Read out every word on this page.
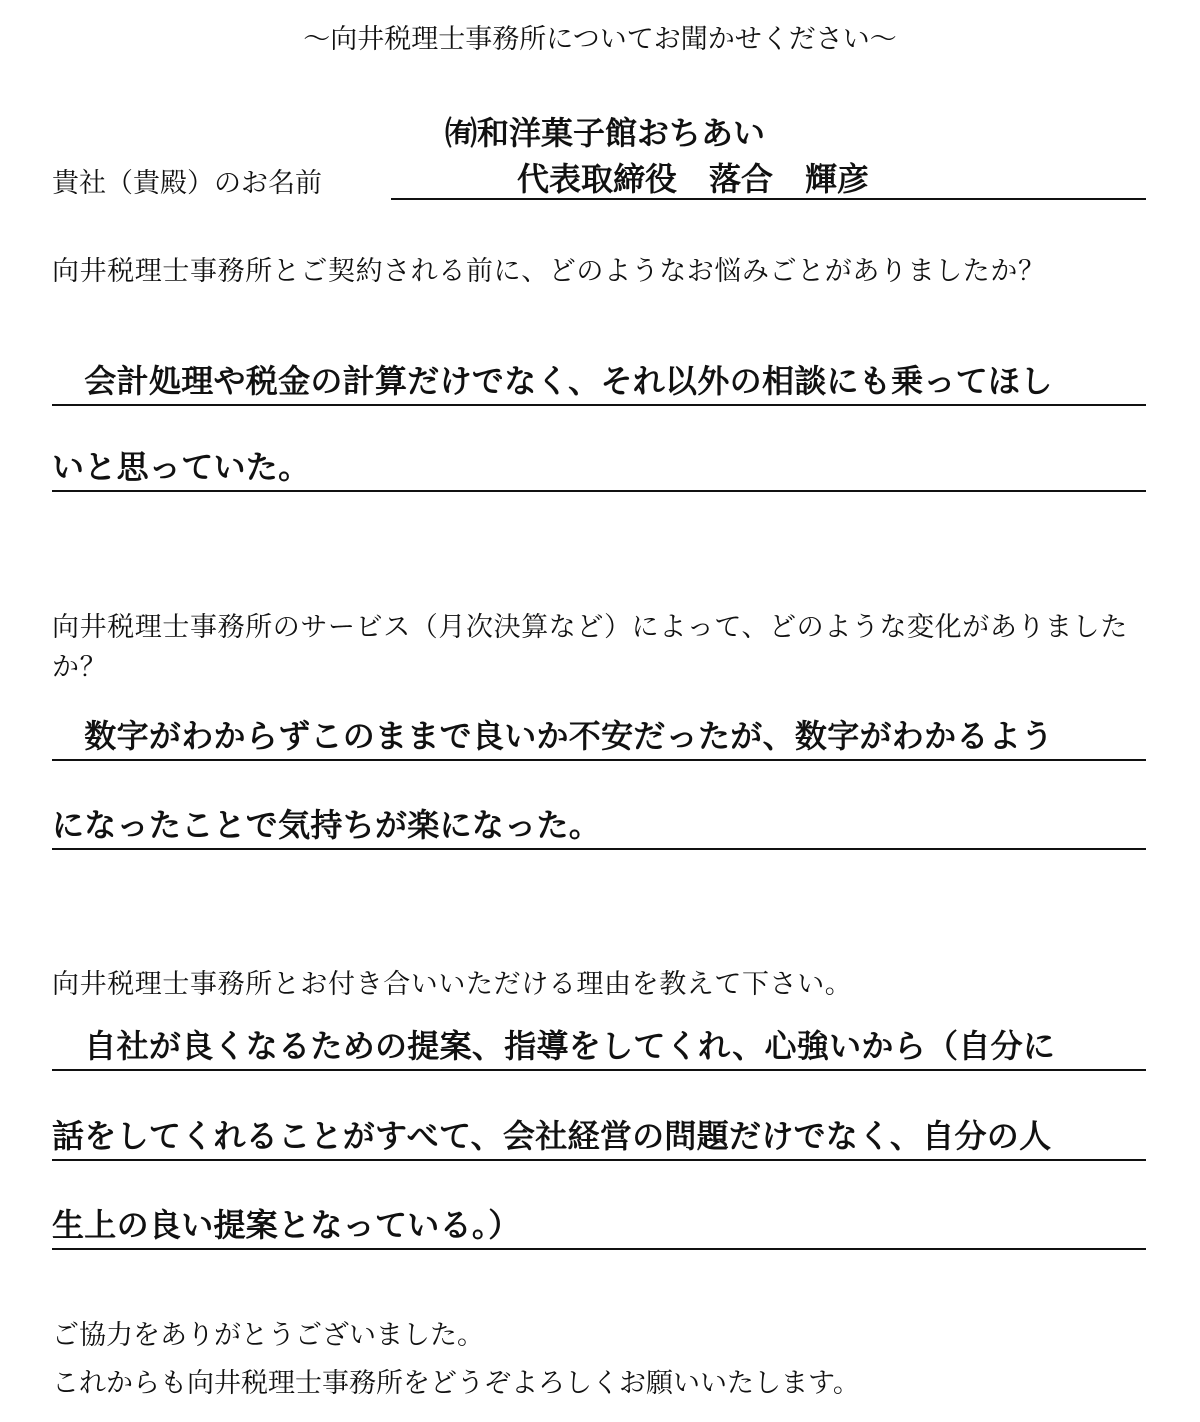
～向井税理士事務所についてお聞かせください～
㈲和洋菓子館おちあい
貴社（貴殿）のお名前	代表取締役　落合　輝彦
向井税理士事務所とご契約される前に、どのようなお悩みごとがありましたか？
　会計処理や税金の計算だけでなく、それ以外の相談にも乗ってほし
いと思っていた。
向井税理士事務所のサービス（月次決算など）によって、どのような変化がありましたか？
　数字がわからずこのままで良いか不安だったが、数字がわかるよう
になったことで気持ちが楽になった。
向井税理士事務所とお付き合いいただける理由を教えて下さい。
　自社が良くなるための提案、指導をしてくれ、心強いから（自分に
話をしてくれることがすべて、会社経営の問題だけでなく、自分の人
生上の良い提案となっている。）
ご協力をありがとうございました。
これからも向井税理士事務所をどうぞよろしくお願いいたします。
